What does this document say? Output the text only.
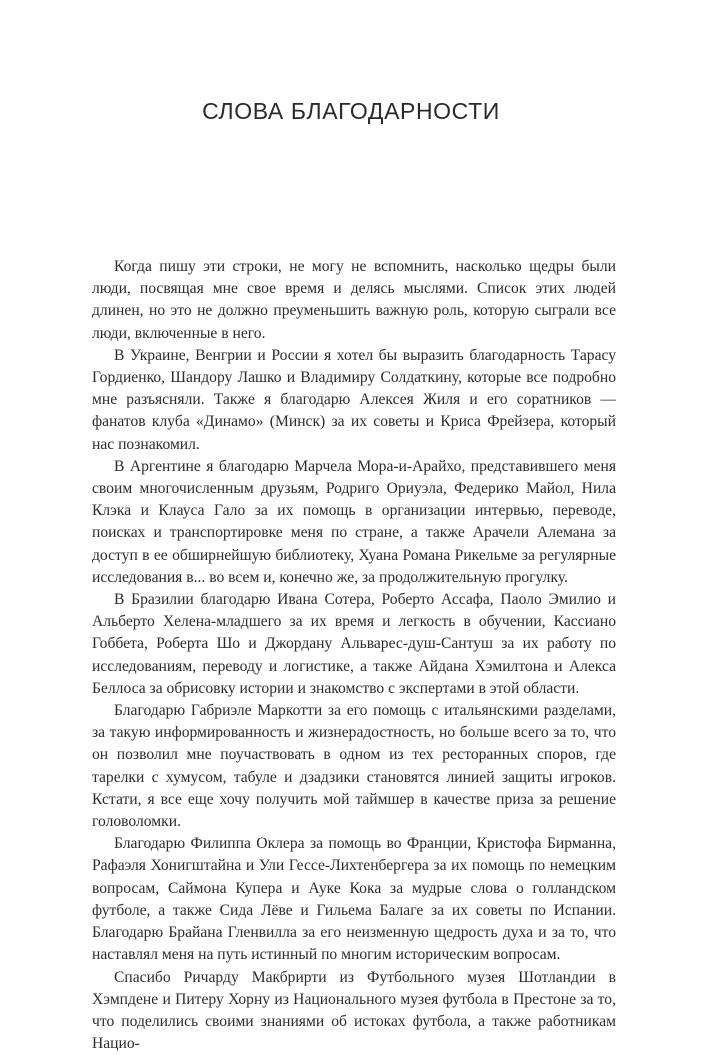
СЛОВА БЛАГОДАРНОСТИ

Когда пишу эти строки, не могу не вспомнить, насколько щедры были люди, посвящая мне свое время и делясь мыслями. Список этих людей длинен, но это не должно преуменьшить важную роль, которую сыграли все люди, включенные в него.

В Украине, Венгрии и России я хотел бы выразить благодарность Тарасу Гордиенко, Шандору Лашко и Владимиру Солдаткину, которые все подробно мне разъясняли. Также я благодарю Алексея Жиля и его соратников — фанатов клуба «Динамо» (Минск) за их советы и Криса Фрейзера, который нас познакомил.

В Аргентине я благодарю Марчела Мора-и-Арайхо, представившего меня своим многочисленным друзьям, Родриго Ориуэла, Федерико Майол, Нила Клэка и Клауса Гало за их помощь в организации интервью, переводе, поисках и транспортировке меня по стране, а также Арачели Алемана за доступ в ее обширнейшую библиотеку, Хуана Романа Рикельме за регулярные исследования в... во всем и, конечно же, за продолжительную прогулку.

В Бразилии благодарю Ивана Сотера, Роберто Ассафа, Паоло Эмилио и Альберто Хелена-младшего за их время и легкость в обучении, Кассиано Гоббета, Роберта Шо и Джордану Альварес-душ-Сантуш за их работу по исследованиям, переводу и логистике, а также Айдана Хэмилтона и Алекса Беллоса за обрисовку истории и знакомство с экспертами в этой области.

Благодарю Габриэле Маркотти за его помощь с итальянскими разделами, за такую информированность и жизнерадостность, но больше всего за то, что он позволил мне поучаствовать в одном из тех ресторанных споров, где тарелки с хумусом, табуле и дзадзики становятся линией защиты игроков. Кстати, я все еще хочу получить мой таймшер в качестве приза за решение головоломки.

Благодарю Филиппа Оклера за помощь во Франции, Кристофа Бирманна, Рафаэля Хонигштайна и Ули Гессе-Лихтенбергера за их помощь по немецким вопросам, Саймона Купера и Ауке Кока за мудрые слова о голландском футболе, а также Сида Лёве и Гильема Балаге за их советы по Испании. Благодарю Брайана Гленвилла за его неизменную щедрость духа и за то, что наставлял меня на путь истинный по многим историческим вопросам.

Спасибо Ричарду Макбрирти из Футбольного музея Шотландии в Хэмпдене и Питеру Хорну из Национального музея футбола в Престоне за то, что поделились своими знаниями об истоках футбола, а также работникам Нацио-
